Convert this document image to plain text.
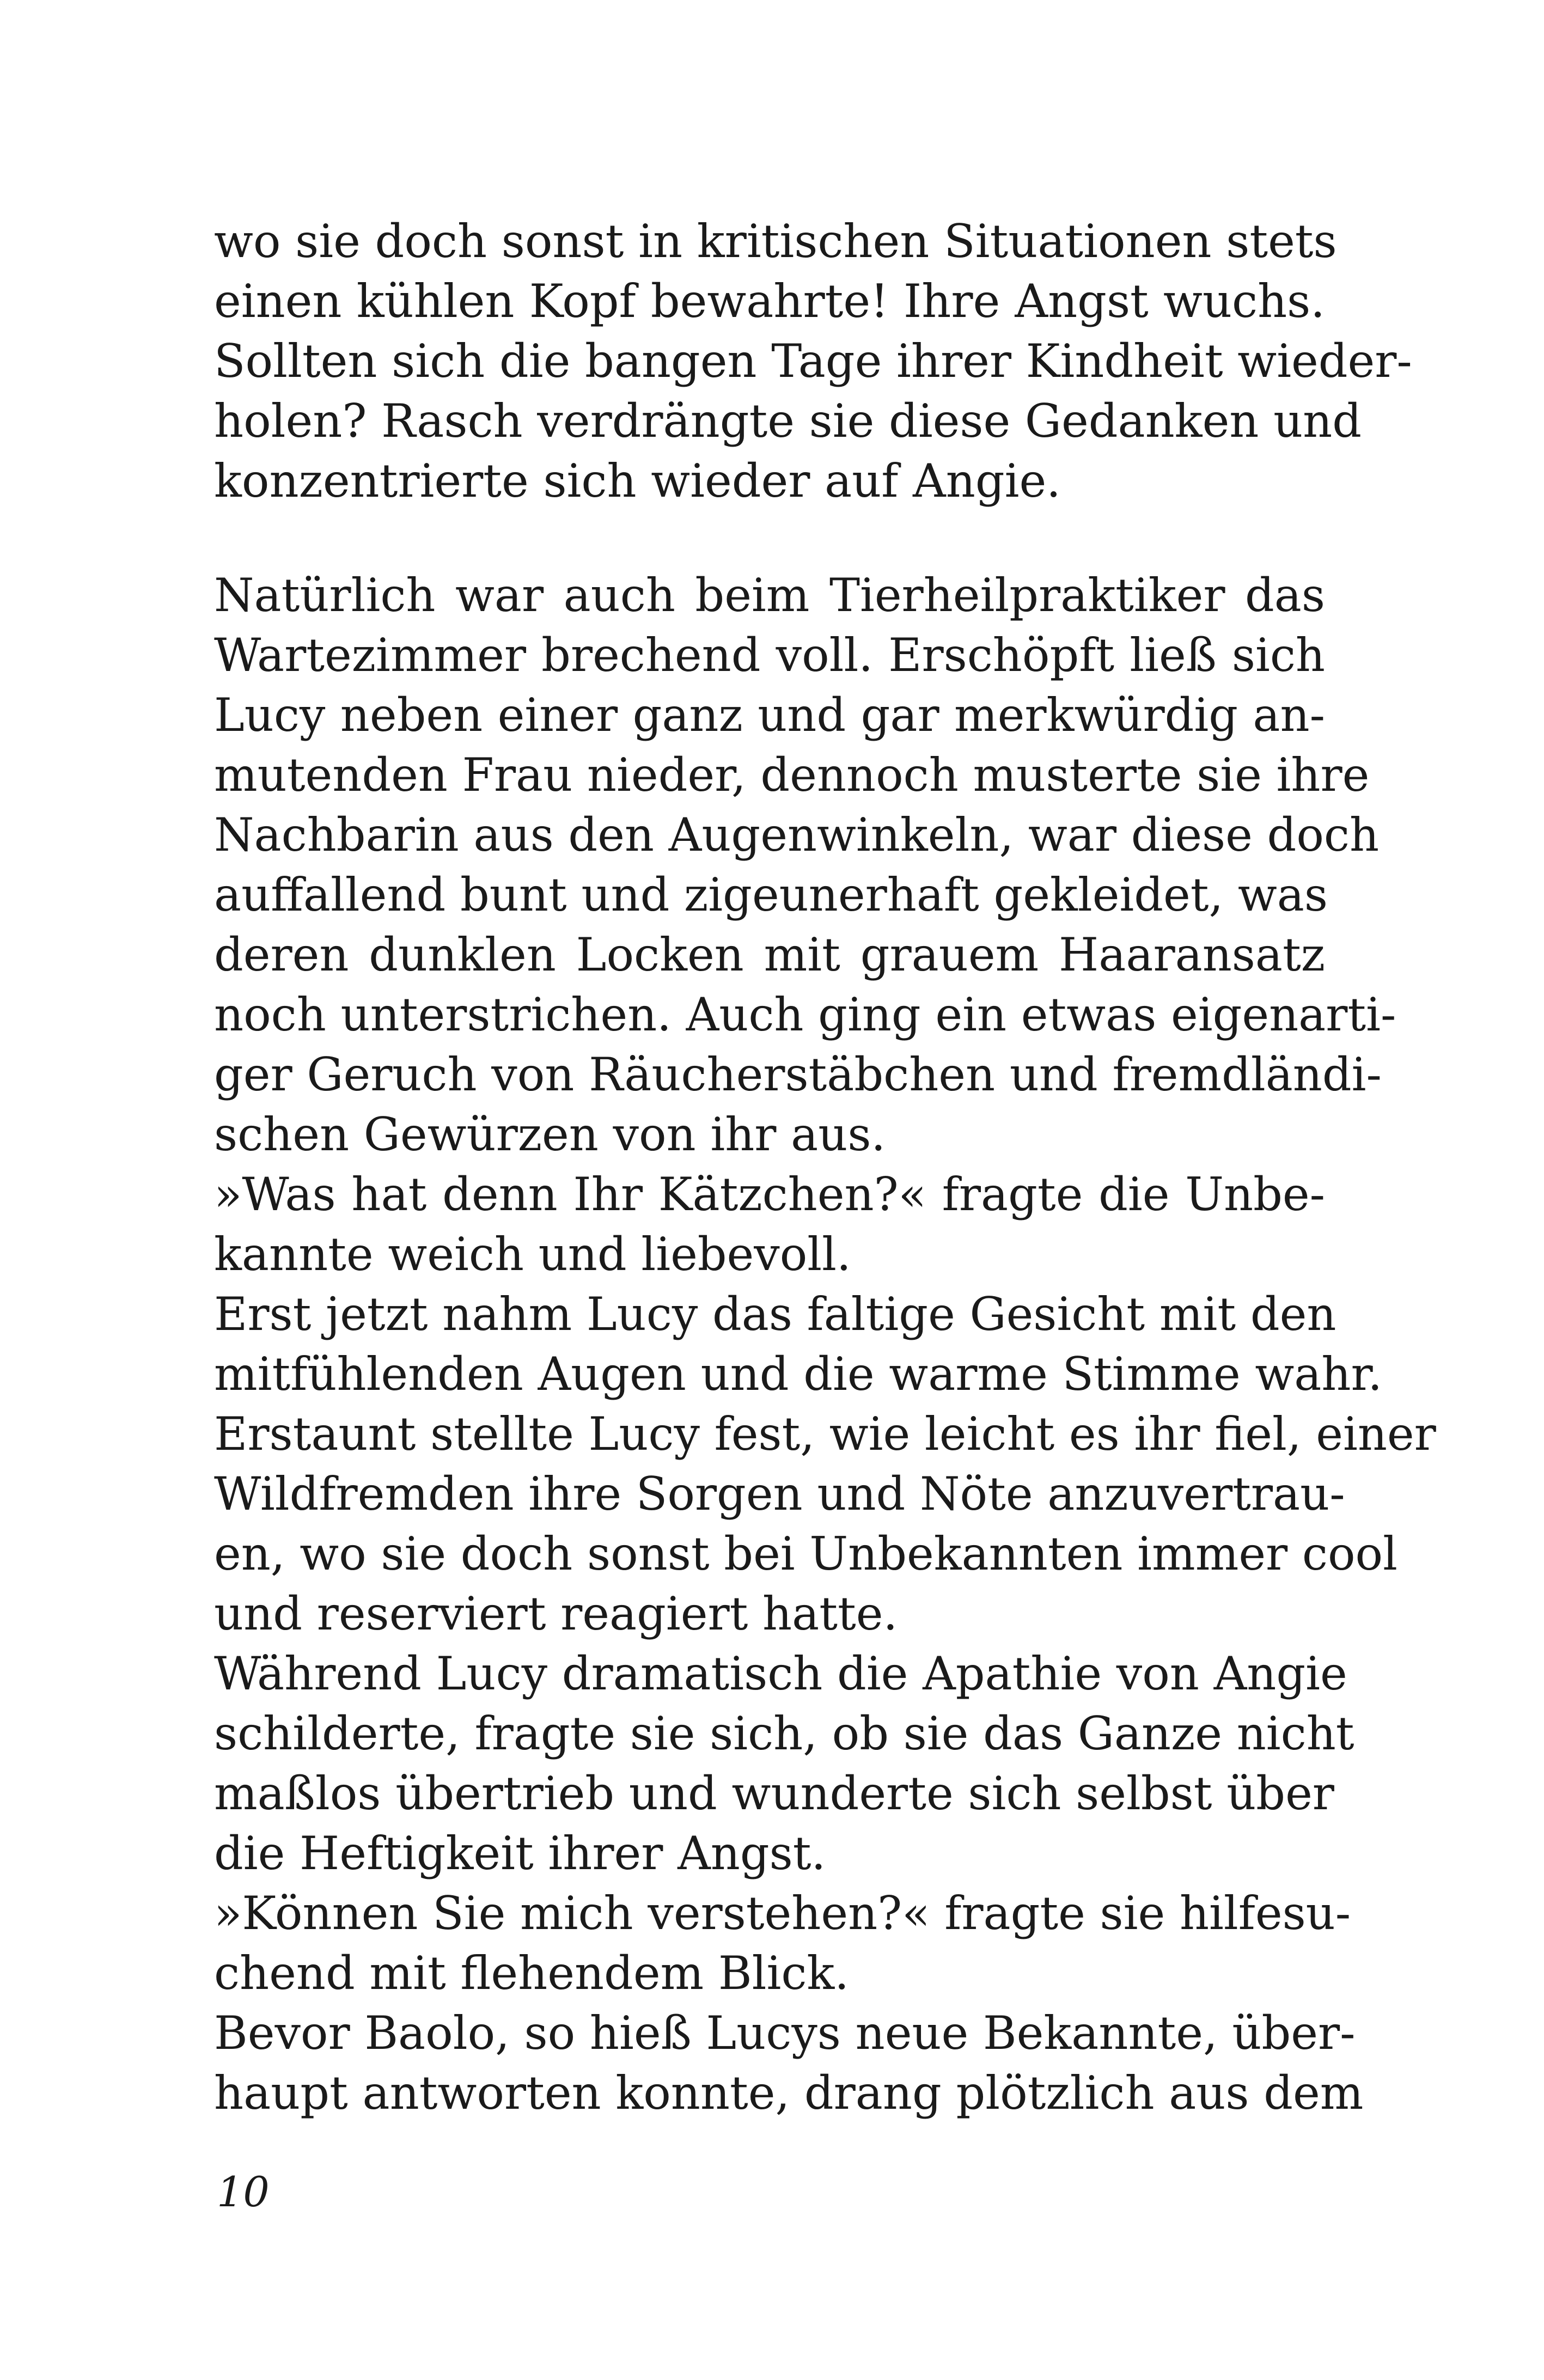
wo sie doch sonst in kritischen Situationen stets
einen kühlen Kopf bewahrte! Ihre Angst wuchs.
Sollten sich die bangen Tage ihrer Kindheit wieder-
holen? Rasch verdrängte sie diese Gedanken und
konzentrierte sich wieder auf Angie.
Natürlich war auch beim Tierheilpraktiker das
Wartezimmer brechend voll. Erschöpft ließ sich
Lucy neben einer ganz und gar merkwürdig an-
mutenden Frau nieder, dennoch musterte sie ihre
Nachbarin aus den Augenwinkeln, war diese doch
auffallend bunt und zigeunerhaft gekleidet, was
deren dunklen Locken mit grauem Haaransatz
noch unterstrichen. Auch ging ein etwas eigenarti-
ger Geruch von Räucherstäbchen und fremdländi-
schen Gewürzen von ihr aus.
»Was hat denn Ihr Kätzchen?« fragte die Unbe-
kannte weich und liebevoll.
Erst jetzt nahm Lucy das faltige Gesicht mit den
mitfühlenden Augen und die warme Stimme wahr.
Erstaunt stellte Lucy fest, wie leicht es ihr fiel, einer
Wildfremden ihre Sorgen und Nöte anzuvertrau-
en, wo sie doch sonst bei Unbekannten immer cool
und reserviert reagiert hatte.
Während Lucy dramatisch die Apathie von Angie
schilderte, fragte sie sich, ob sie das Ganze nicht
maßlos übertrieb und wunderte sich selbst über
die Heftigkeit ihrer Angst.
»Können Sie mich verstehen?« fragte sie hilfesu-
chend mit flehendem Blick.
Bevor Baolo, so hieß Lucys neue Bekannte, über-
haupt antworten konnte, drang plötzlich aus dem
10
